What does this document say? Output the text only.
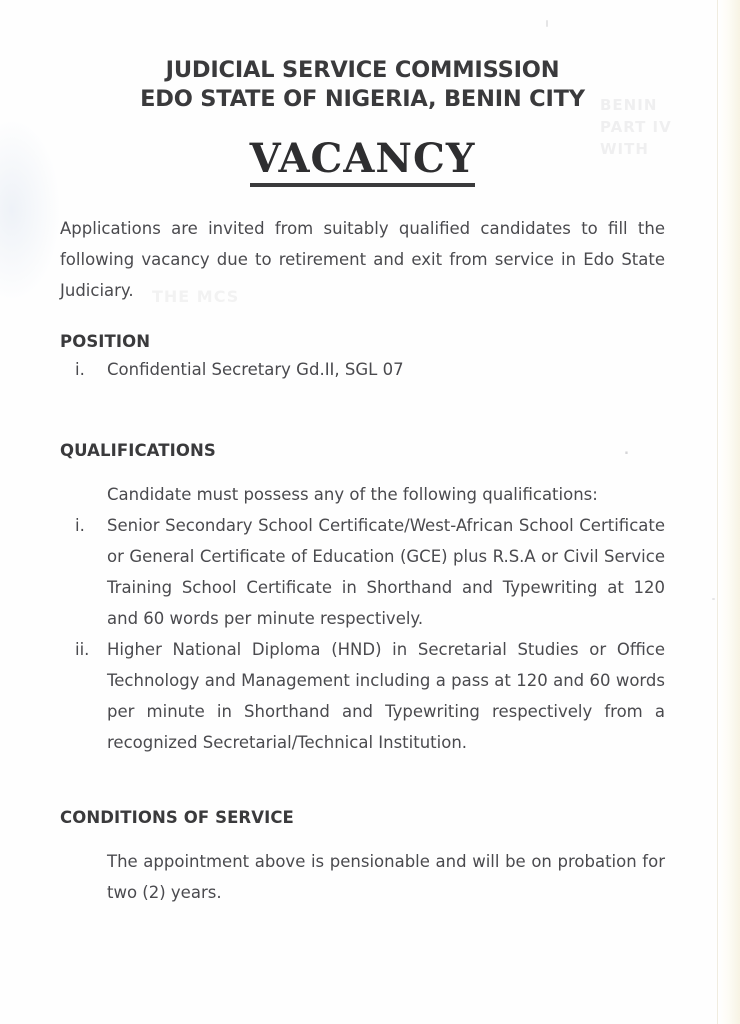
BENIN
PART IV
WITH
THE MCS
.
JUDICIAL SERVICE COMMISSION
EDO STATE OF NIGERIA, BENIN CITY
VACANCY

Applications are invited from suitably qualified candidates to fill the following vacancy due to retirement and exit from service in Edo State Judiciary.

POSITION
i.	Confidential Secretary Gd.II, SGL 07
QUALIFICATIONS

Candidate must possess any of the following qualifications:

i.	Senior Secondary School Certificate/West-African School Certificate or General Certificate of Education (GCE) plus R.S.A or Civil Service Training School Certificate in Shorthand and Typewriting at 120 and 60 words per minute respectively.
ii.	Higher National Diploma (HND) in Secretarial Studies or Office Technology and Management including a pass at 120 and 60 words per minute in Shorthand and Typewriting respectively from a recognized Secretarial/Technical Institution.
CONDITIONS OF SERVICE

The appointment above is pensionable and will be on probation for two (2) years.
